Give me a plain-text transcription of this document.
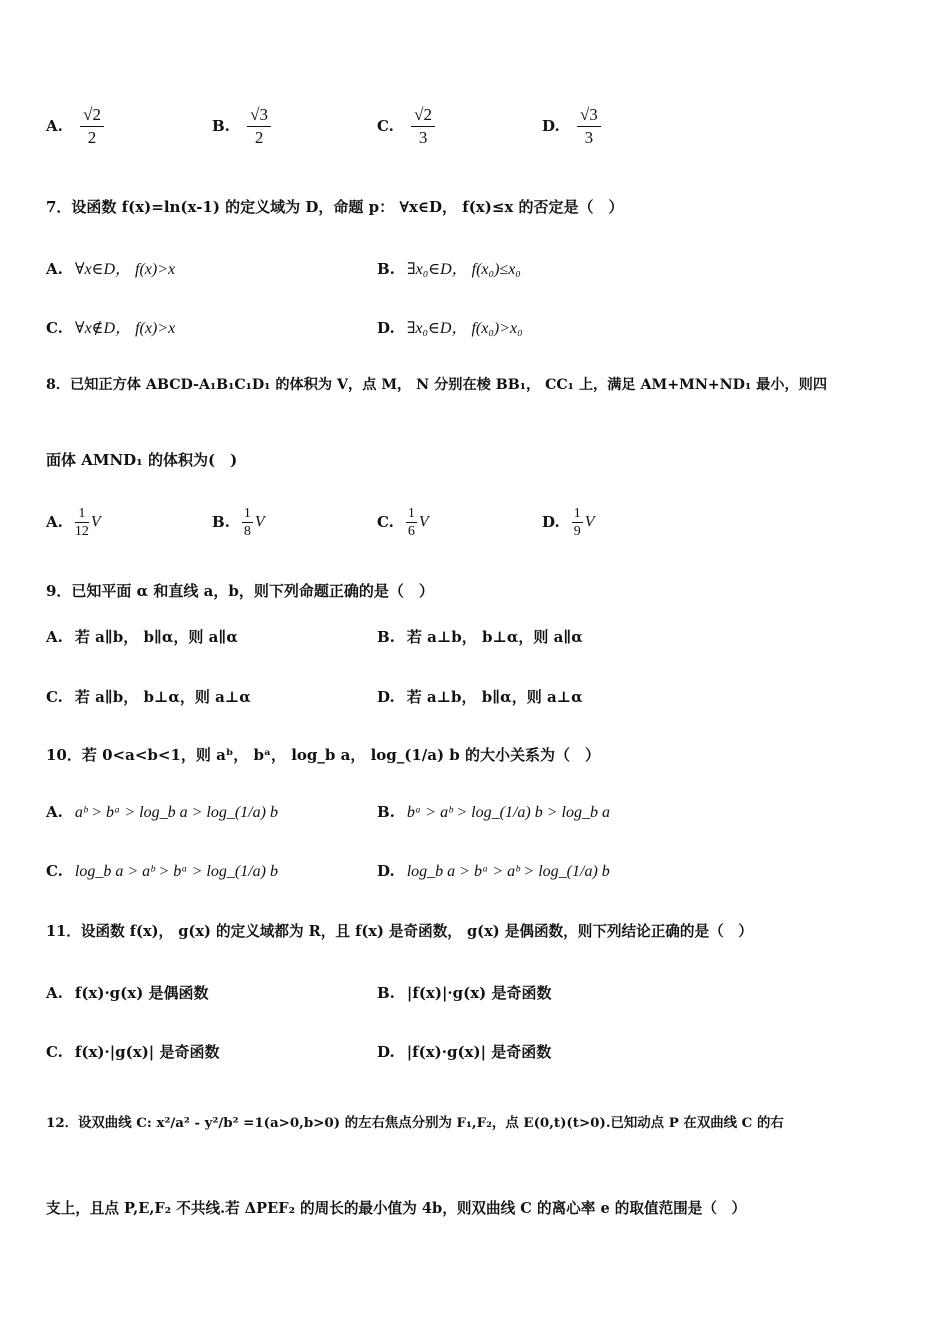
A. $\frac{√2}{2}$	B. $\frac{√3}{2}$	C. $\frac{√2}{3}$	D. $\frac{√3}{3}$
7．设函数 f(x)=ln(x-1) 的定义域为 D，命题 p： ∀x∈D， f(x)≤x 的否定是（　）
A. ∀x∈D， f(x)>x	B. ∃x₀∈D， f(x₀)≤x₀
C. ∀x∉D， f(x)>x	D. ∃x₀∈D， f(x₀)>x₀
8．已知正方体 ABCD-A₁B₁C₁D₁ 的体积为 V，点 M， N 分别在棱 BB₁， CC₁ 上，满足 AM+MN+ND₁ 最小，则四
面体 AMND₁ 的体积为(　)
A. $\frac{1}{12}$ V	B. $\frac{1}{8}$ V	C. $\frac{1}{6}$ V	D. $\frac{1}{9}$ V
9．已知平面 α 和直线 a，b，则下列命题正确的是（　）
A. 若 a∥b， b∥α，则 a∥α	B. 若 a⊥b， b⊥α，则 a∥α
C. 若 a∥b， b⊥α，则 a⊥α	D. 若 a⊥b， b∥α，则 a⊥α
10．若 0<a<b<1，则 aᵇ， bᵃ， log_b a， log_(1/a) b 的大小关系为（　）
A. aᵇ > bᵃ > log_b a > log_(1/a) b	B. bᵃ > aᵇ > log_(1/a) b > log_b a
C. log_b a > aᵇ > bᵃ > log_(1/a) b	D. log_b a > bᵃ > aᵇ > log_(1/a) b
11．设函数 f(x)， g(x) 的定义域都为 R，且 f(x) 是奇函数， g(x) 是偶函数，则下列结论正确的是（　）
A. f(x)·g(x) 是偶函数	B. |f(x)|·g(x) 是奇函数
C. f(x)·|g(x)| 是奇函数	D. |f(x)·g(x)| 是奇函数
12．设双曲线 C: x²/a² - y²/b² =1(a>0,b>0) 的左右焦点分别为 F₁,F₂，点 E(0,t)(t>0).已知动点 P 在双曲线 C 的右
支上，且点 P,E,F₂ 不共线.若 ΔPEF₂ 的周长的最小值为 4b，则双曲线 C 的离心率 e 的取值范围是（　）
